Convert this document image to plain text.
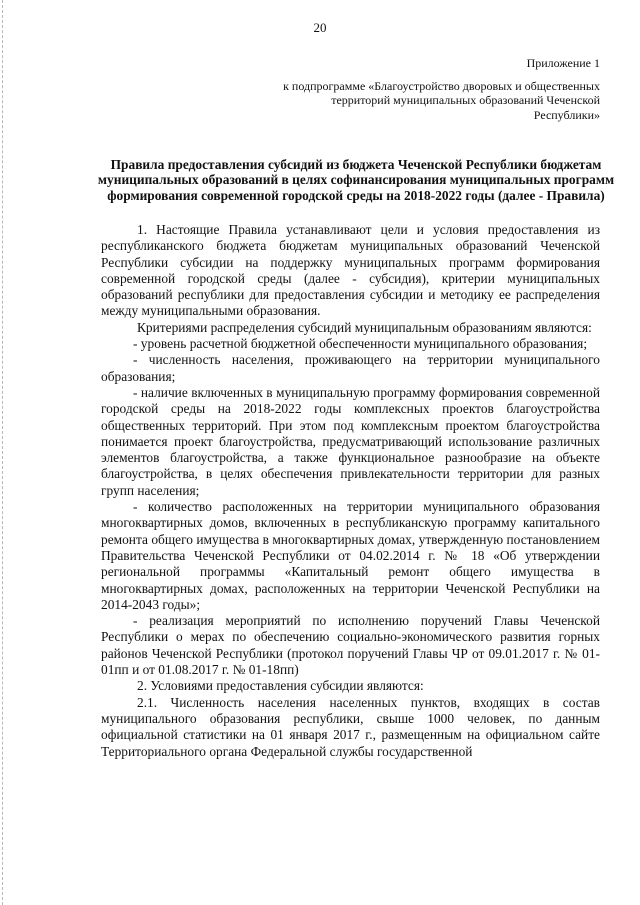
20
Приложение 1
к подпрограмме «Благоустройство дворовых и общественных территорий муниципальных образований Чеченской Республики»
Правила предоставления субсидий из бюджета Чеченской Республики бюджетам муниципальных образований в целях софинансирования муниципальных программ формирования современной городской среды на 2018-2022 годы (далее - Правила)

1. Настоящие Правила устанавливают цели и условия предоставления из республиканского бюджета бюджетам муниципальных образований Чеченской Республики субсидии на поддержку муниципальных программ формирования современной городской среды (далее - субсидия), критерии муниципальных образований республики для предоставления субсидии и методику ее распределения между муниципальными образования.

Критериями распределения субсидий муниципальным образованиям являются:

- уровень расчетной бюджетной обеспеченности муниципального образования;

- численность населения, проживающего на территории муниципального образования;

- наличие включенных в муниципальную программу формирования современной городской среды на 2018-2022 годы комплексных проектов благоустройства общественных территорий. При этом под комплексным проектом благоустройства понимается проект благоустройства, предусматривающий использование различных элементов благоустройства, а также функциональное разнообразие на объекте благоустройства, в целях обеспечения привлекательности территории для разных групп населения;

- количество расположенных на территории муниципального образования многоквартирных домов, включенных в республиканскую программу капитального ремонта общего имущества в многоквартирных домах, утвержденную постановлением Правительства Чеченской Республики от 04.02.2014 г. № 18 «Об утверждении региональной программы «Капитальный ремонт общего имущества в многоквартирных домах, расположенных на территории Чеченской Республики на 2014-2043 годы»;

- реализация мероприятий по исполнению поручений Главы Чеченской Республики о мерах по обеспечению социально-экономического развития горных районов Чеченской Республики (протокол поручений Главы ЧР от 09.01.2017 г. № 01-01пп и от 01.08.2017 г. № 01-18пп)

2. Условиями предоставления субсидии являются:

2.1. Численность населения населенных пунктов, входящих в состав муниципального образования республики, свыше 1000 человек, по данным официальной статистики на 01 января 2017 г., размещенным на официальном сайте Территориального органа Федеральной службы государственной
